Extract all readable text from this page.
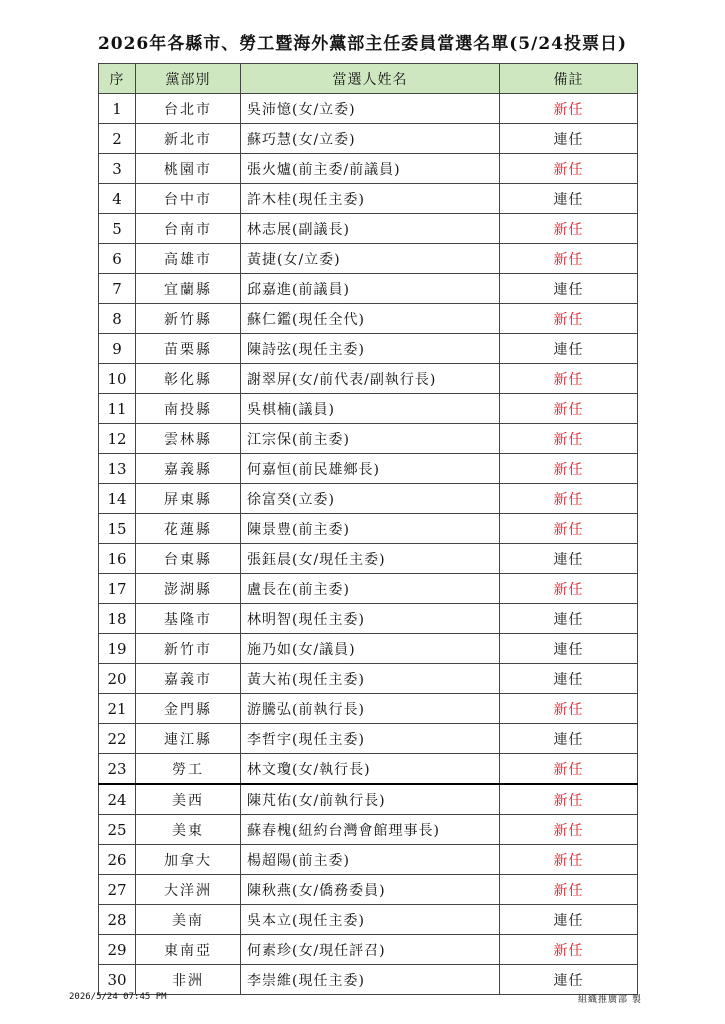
2026年各縣市、勞工暨海外黨部主任委員當選名單(5/24投票日)
序	黨部別	當選人姓名	備註
1	台北市	吳沛憶(女/立委)	新任
2	新北市	蘇巧慧(女/立委)	連任
3	桃園市	張火爐(前主委/前議員)	新任
4	台中市	許木桂(現任主委)	連任
5	台南市	林志展(副議長)	新任
6	高雄市	黃捷(女/立委)	新任
7	宜蘭縣	邱嘉進(前議員)	連任
8	新竹縣	蘇仁鑑(現任全代)	新任
9	苗栗縣	陳詩弦(現任主委)	連任
10	彰化縣	謝翠屏(女/前代表/副執行長)	新任
11	南投縣	吳棋楠(議員)	新任
12	雲林縣	江宗保(前主委)	新任
13	嘉義縣	何嘉恒(前民雄鄉長)	新任
14	屏東縣	徐富癸(立委)	新任
15	花蓮縣	陳景豊(前主委)	新任
16	台東縣	張鈺晨(女/現任主委)	連任
17	澎湖縣	盧長在(前主委)	新任
18	基隆市	林明智(現任主委)	連任
19	新竹市	施乃如(女/議員)	連任
20	嘉義市	黃大祐(現任主委)	連任
21	金門縣	游騰弘(前執行長)	新任
22	連江縣	李哲宇(現任主委)	連任
23	勞工	林文瓊(女/執行長)	新任
24	美西	陳芃佑(女/前執行長)	新任
25	美東	蘇春槐(紐約台灣會館理事長)	新任
26	加拿大	楊超陽(前主委)	新任
27	大洋洲	陳秋燕(女/僑務委員)	新任
28	美南	吳本立(現任主委)	連任
29	東南亞	何素珍(女/現任評召)	新任
30	非洲	李崇維(現任主委)	連任
2026/5/24 07:45 PM	組織推廣部 製
